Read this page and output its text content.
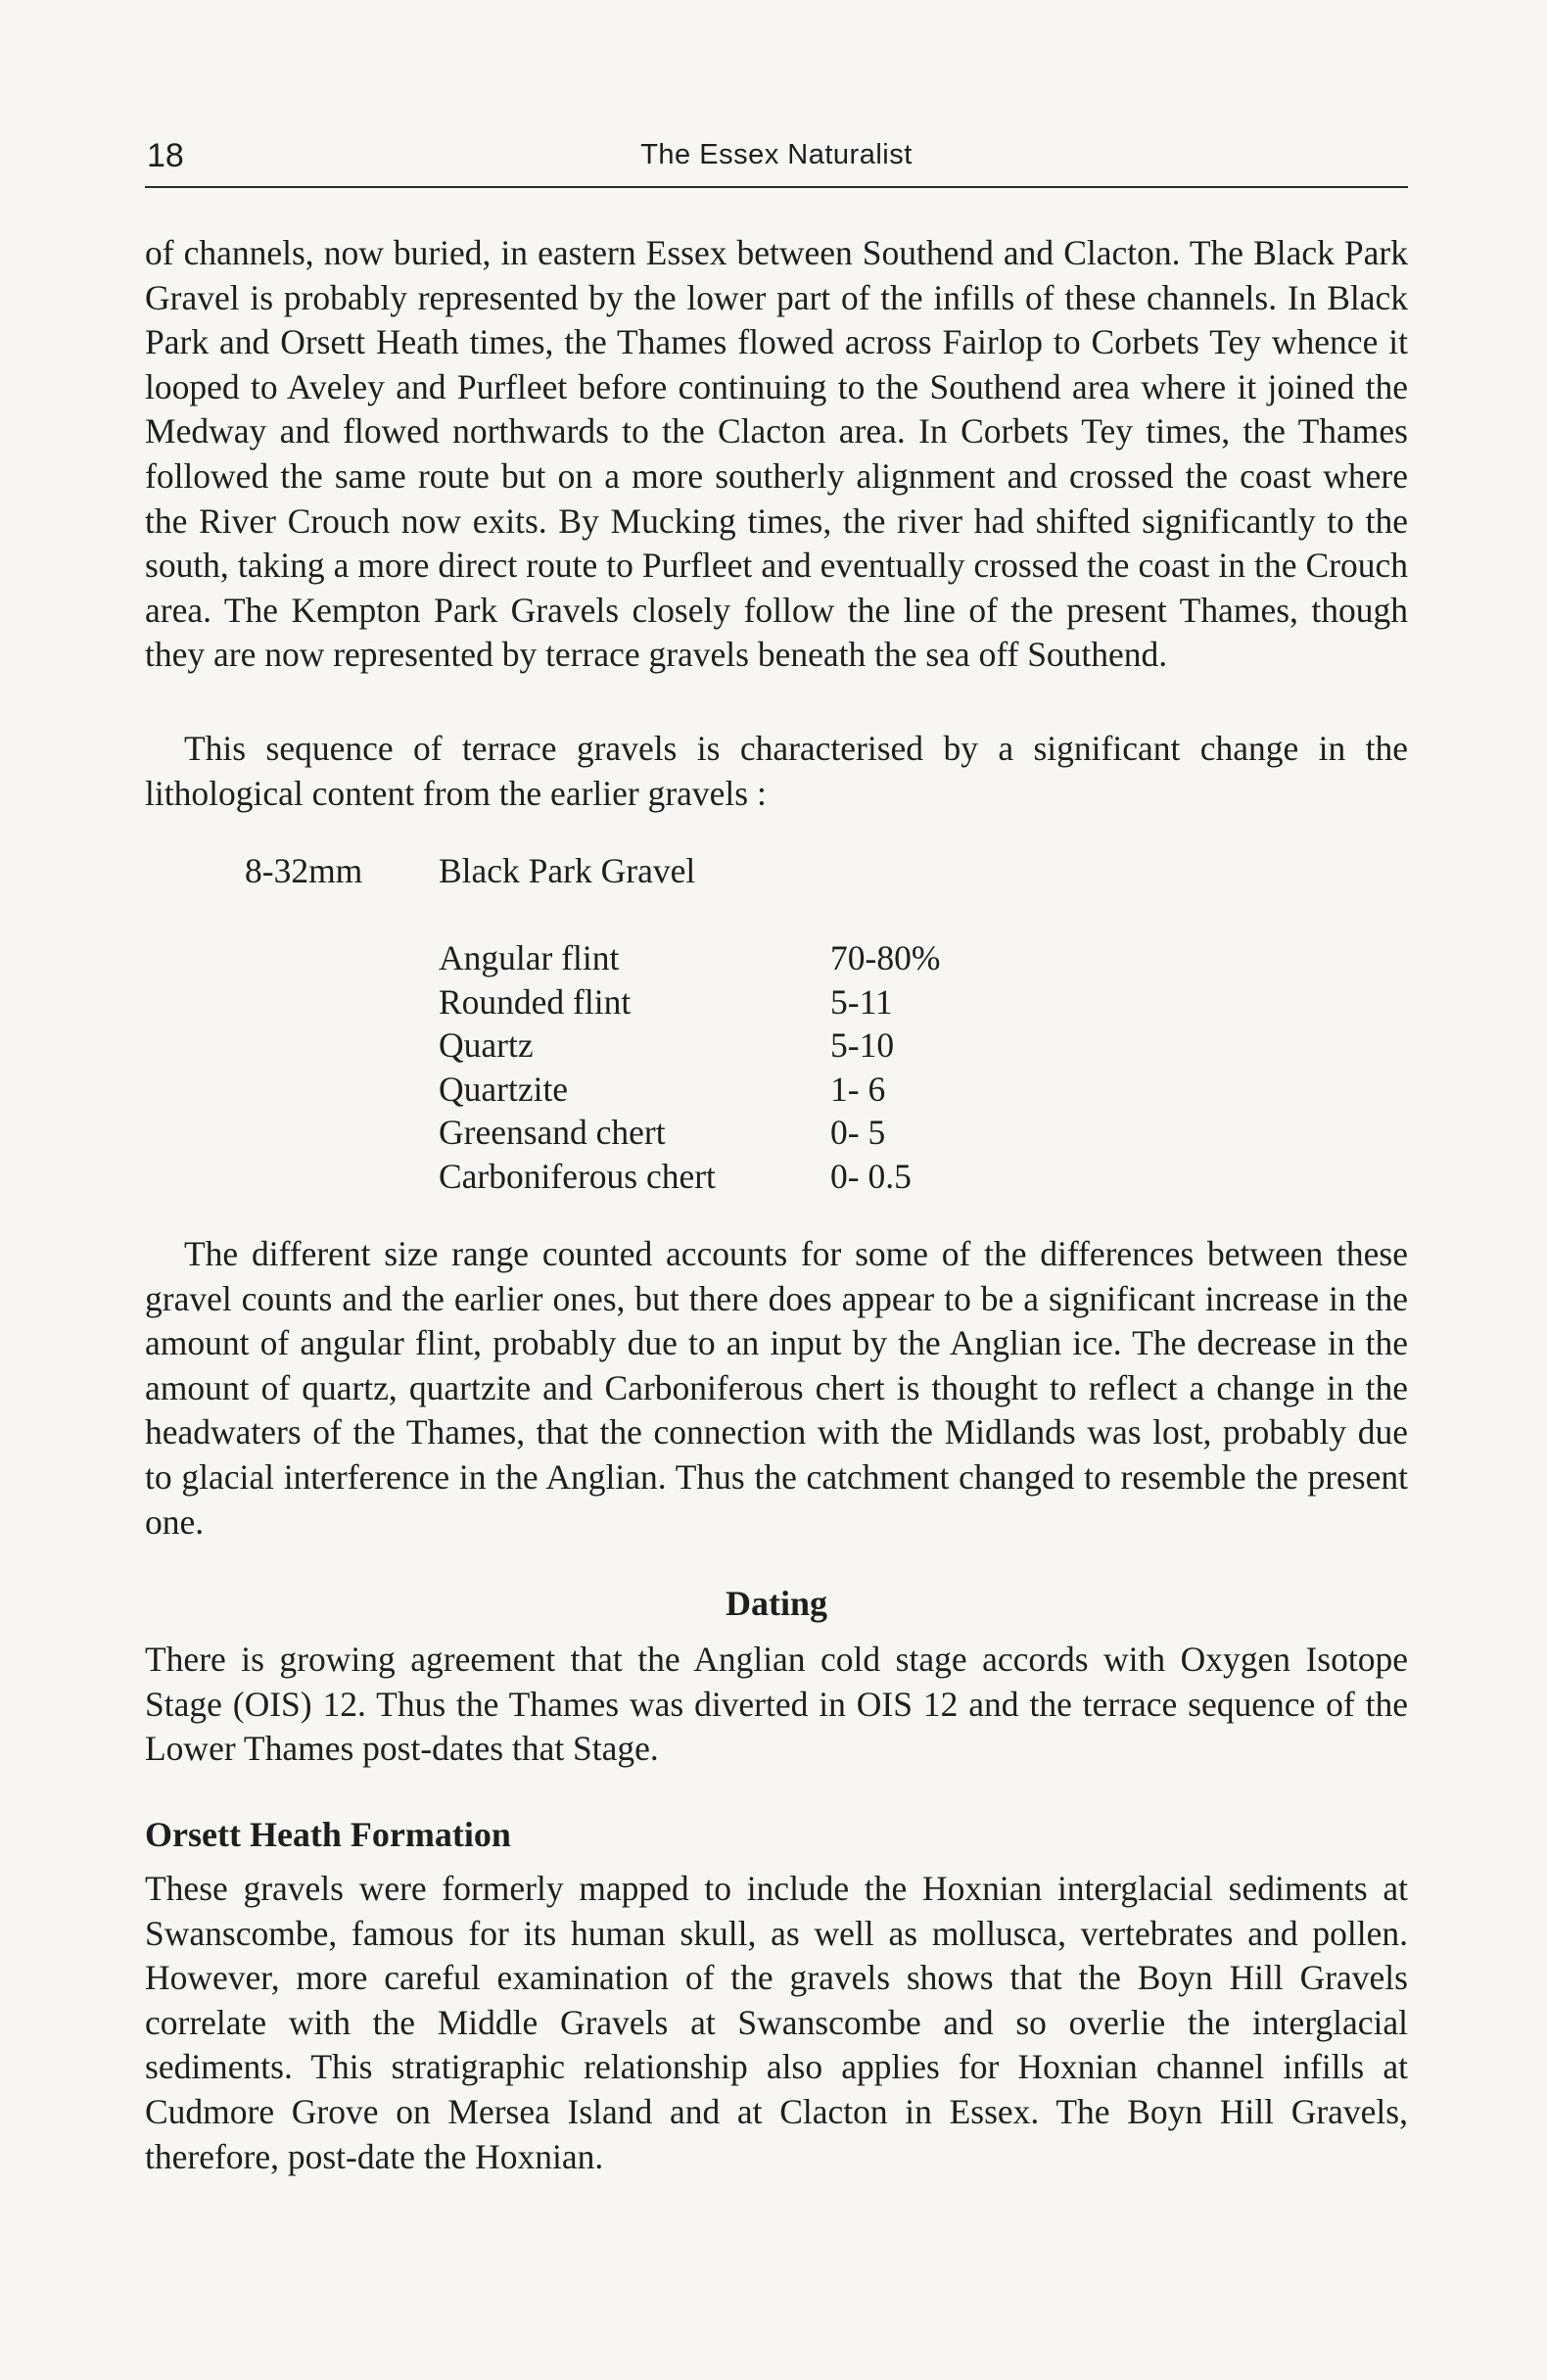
18	The Essex Naturalist

of channels, now buried, in eastern Essex between Southend and Clacton. The Black Park Gravel is probably represented by the lower part of the infills of these channels. In Black Park and Orsett Heath times, the Thames flowed across Fairlop to Corbets Tey whence it looped to Aveley and Purfleet before continuing to the Southend area where it joined the Medway and flowed northwards to the Clacton area. In Corbets Tey times, the Thames followed the same route but on a more southerly alignment and crossed the coast where the River Crouch now exits. By Mucking times, the river had shifted significantly to the south, taking a more direct route to Purfleet and eventually crossed the coast in the Crouch area. The Kempton Park Gravels closely follow the line of the present Thames, though they are now represented by terrace gravels beneath the sea off Southend.

This sequence of terrace gravels is characterised by a significant change in the lithological content from the earlier gravels :

8-32mm Black Park Gravel
Angular flint	70-80%
Rounded flint	5-11
Quartz	5-10
Quartzite	1- 6
Greensand chert	0- 5
Carboniferous chert	0- 0.5

The different size range counted accounts for some of the differences between these gravel counts and the earlier ones, but there does appear to be a significant increase in the amount of angular flint, probably due to an input by the Anglian ice. The decrease in the amount of quartz, quartzite and Carboniferous chert is thought to reflect a change in the headwaters of the Thames, that the connection with the Midlands was lost, probably due to glacial interference in the Anglian. Thus the catchment changed to resemble the present one.

Dating

There is growing agreement that the Anglian cold stage accords with Oxygen Isotope Stage (OIS) 12. Thus the Thames was diverted in OIS 12 and the terrace sequence of the Lower Thames post-dates that Stage.

Orsett Heath Formation

These gravels were formerly mapped to include the Hoxnian interglacial sediments at Swanscombe, famous for its human skull, as well as mollusca, vertebrates and pollen. However, more careful examination of the gravels shows that the Boyn Hill Gravels correlate with the Middle Gravels at Swanscombe and so overlie the interglacial sediments. This stratigraphic relationship also applies for Hoxnian channel infills at Cudmore Grove on Mersea Island and at Clacton in Essex. The Boyn Hill Gravels, therefore, post-date the Hoxnian.
